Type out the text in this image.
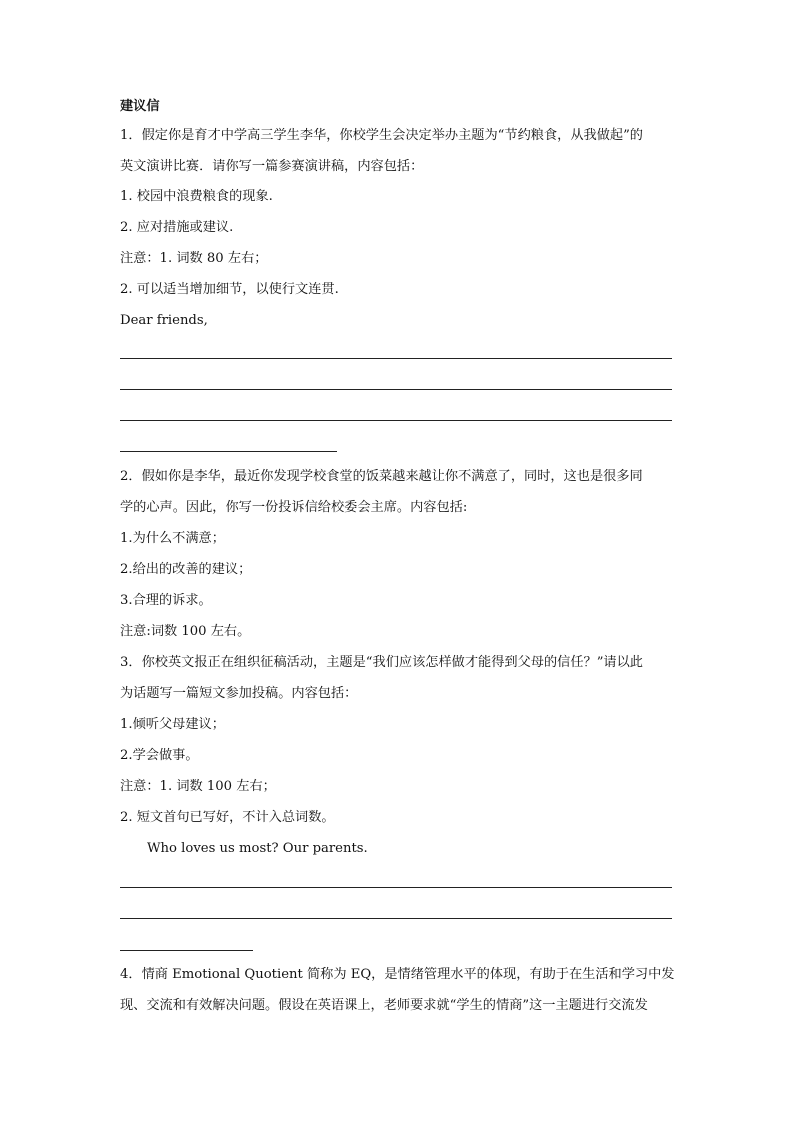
建议信
1．假定你是育才中学高三学生李华，你校学生会决定举办主题为“节约粮食，从我做起”的
英文演讲比赛．请你写一篇参赛演讲稿，内容包括：
1. 校园中浪费粮食的现象.
2. 应对措施或建议.
注意：1. 词数 80 左右；
2. 可以适当增加细节，以使行文连贯.
Dear friends,
2．假如你是李华，最近你发现学校食堂的饭菜越来越让你不满意了，同时，这也是很多同
学的心声。因此，你写一份投诉信给校委会主席。内容包括:
1.为什么不满意；
2.给出的改善的建议；
3.合理的诉求。
注意:词数 100 左右。
3．你校英文报正在组织征稿活动，主题是“我们应该怎样做才能得到父母的信任？”请以此
为话题写一篇短文参加投稿。内容包括：
1.倾听父母建议；
2.学会做事。
注意：1. 词数 100 左右；
2. 短文首句已写好，不计入总词数。
Who loves us most? Our parents.
4．情商 Emotional Quotient 简称为 EQ，是情绪管理水平的体现，有助于在生活和学习中发
现、交流和有效解决问题。假设在英语课上，老师要求就“学生的情商”这一主题进行交流发
